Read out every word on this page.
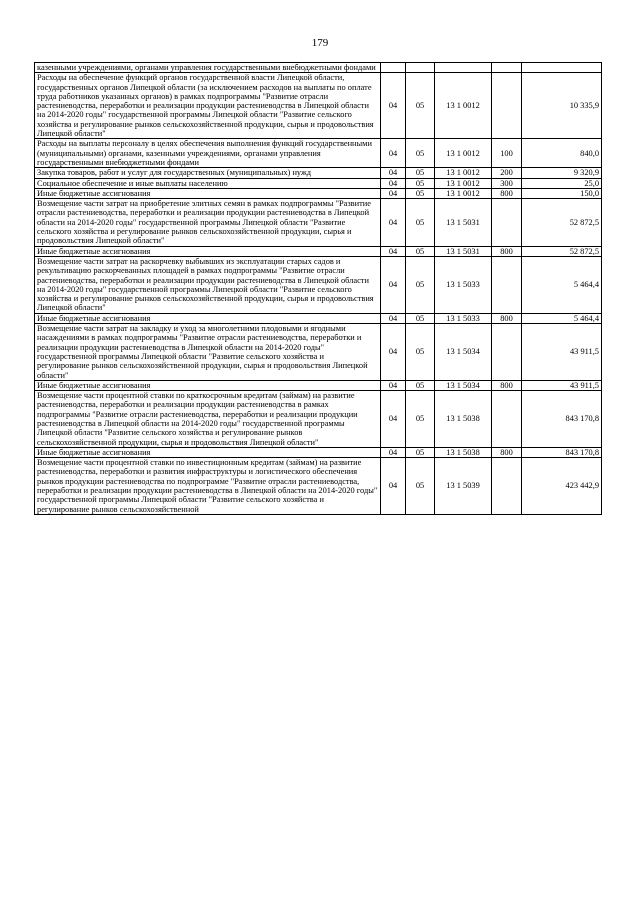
179
казенными учреждениями, органами управления государственными внебюджетными фондами					
Расходы на обеспечение функций органов государственной власти Липецкой области, государственных органов Липецкой области (за исключением расходов на выплаты по оплате труда работников указанных органов) в рамках подпрограммы "Развитие отрасли растениеводства, переработки и реализации продукции растениеводства в Липецкой области на 2014-2020 годы" государственной программы Липецкой области "Развитие сельского хозяйства и регулирование рынков сельскохозяйственной продукции, сырья и продовольствия Липецкой области"	04	05	13 1 0012		10 335,9
Расходы на выплаты персоналу в целях обеспечения выполнения функций государственными (муниципальными) органами, казенными учреждениями, органами управления государственными внебюджетными фондами	04	05	13 1 0012	100	840,0
Закупка товаров, работ и услуг для государственных (муниципальных) нужд	04	05	13 1 0012	200	9 320,9
Социальное обеспечение и иные выплаты населению	04	05	13 1 0012	300	25,0
Иные бюджетные ассигнования	04	05	13 1 0012	800	150,0
Возмещение части затрат на приобретение элитных семян в рамках подпрограммы "Развитие отрасли растениеводства, переработки и реализации продукции растениеводства в Липецкой области на 2014-2020 годы" государственной программы Липецкой области "Развитие сельского хозяйства и регулирование рынков сельскохозяйственной продукции, сырья и продовольствия Липецкой области"	04	05	13 1 5031		52 872,5
Иные бюджетные ассигнования	04	05	13 1 5031	800	52 872,5
Возмещение части затрат на раскорчевку выбывших из эксплуатации старых садов и рекультивацию раскорчеванных площадей в рамках подпрограммы "Развитие отрасли растениеводства, переработки и реализации продукции растениеводства в Липецкой области на 2014-2020 годы" государственной программы Липецкой области "Развитие сельского хозяйства и регулирование рынков сельскохозяйственной продукции, сырья и продовольствия Липецкой области"	04	05	13 1 5033		5 464,4
Иные бюджетные ассигнования	04	05	13 1 5033	800	5 464,4
Возмещение части затрат на закладку и уход за многолетними плодовыми и ягодными насаждениями в рамках подпрограммы "Развитие отрасли растениеводства, переработки и реализации продукции растениеводства в Липецкой области на 2014-2020 годы" государственной программы Липецкой области "Развитие сельского хозяйства и регулирование рынков сельскохозяйственной продукции, сырья и продовольствия Липецкой области"	04	05	13 1 5034		43 911,5
Иные бюджетные ассигнования	04	05	13 1 5034	800	43 911,5
Возмещение части процентной ставки по краткосрочным кредитам (займам) на развитие растениеводства, переработки и реализации продукции растениеводства в рамках подпрограммы "Развитие отрасли растениеводства, переработки и реализации продукции растениеводства в Липецкой области на 2014-2020 годы" государственной программы Липецкой области "Развитие сельского хозяйства и регулирование рынков сельскохозяйственной продукции, сырья и продовольствия Липецкой области"	04	05	13 1 5038		843 170,8
Иные бюджетные ассигнования	04	05	13 1 5038	800	843 170,8
Возмещение части процентной ставки по инвестиционным кредитам (займам) на развитие растениеводства, переработки и развития инфраструктуры и логистического обеспечения рынков продукции растениеводства по подпрограмме "Развитие отрасли растениеводства, переработки и реализации продукции растениеводства в Липецкой области на 2014-2020 годы" государственной программы Липецкой области "Развитие сельского хозяйства и регулирование рынков сельскохозяйственной	04	05	13 1 5039		423 442,9
